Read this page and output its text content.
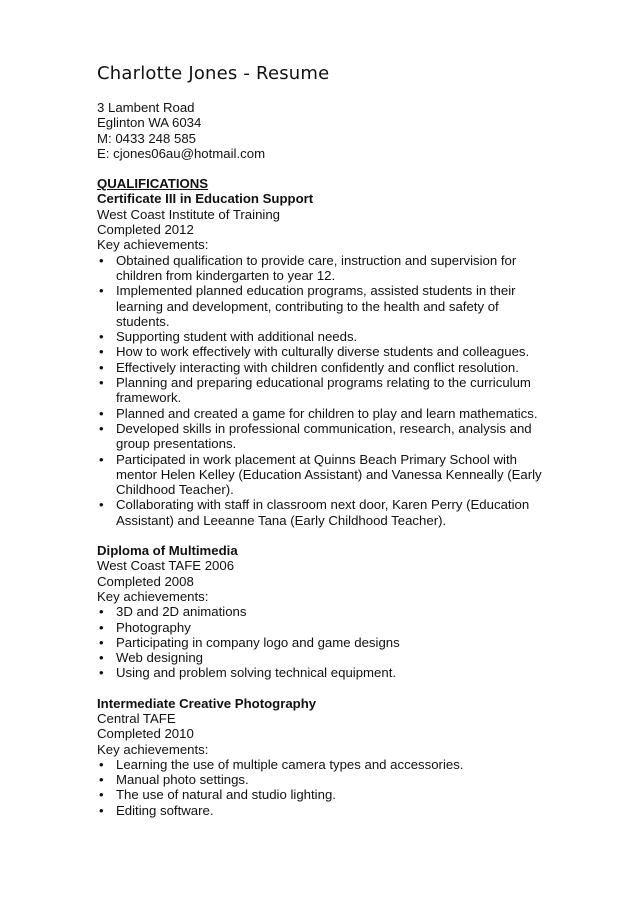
Charlotte Jones - Resume
3 Lambent Road
Eglinton WA 6034
M: 0433 248 585
E: cjones06au@hotmail.com
QUALIFICATIONS
Certificate III in Education Support
West Coast Institute of Training
Completed 2012
Key achievements:
• Obtained qualification to provide care, instruction and supervision for children from kindergarten to year 12.
• Implemented planned education programs, assisted students in their learning and development, contributing to the health and safety of students.
• Supporting student with additional needs.
• How to work effectively with culturally diverse students and colleagues.
• Effectively interacting with children confidently and conflict resolution.
• Planning and preparing educational programs relating to the curriculum framework.
• Planned and created a game for children to play and learn mathematics.
• Developed skills in professional communication, research, analysis and group presentations.
• Participated in work placement at Quinns Beach Primary School with mentor Helen Kelley (Education Assistant) and Vanessa Kenneally (Early Childhood Teacher).
• Collaborating with staff in classroom next door, Karen Perry (Education Assistant) and Leeanne Tana (Early Childhood Teacher).
Diploma of Multimedia
West Coast TAFE 2006
Completed 2008
Key achievements:
• 3D and 2D animations
• Photography
• Participating in company logo and game designs
• Web designing
• Using and problem solving technical equipment.
Intermediate Creative Photography
Central TAFE
Completed 2010
Key achievements:
• Learning the use of multiple camera types and accessories.
• Manual photo settings.
• The use of natural and studio lighting.
• Editing software.
